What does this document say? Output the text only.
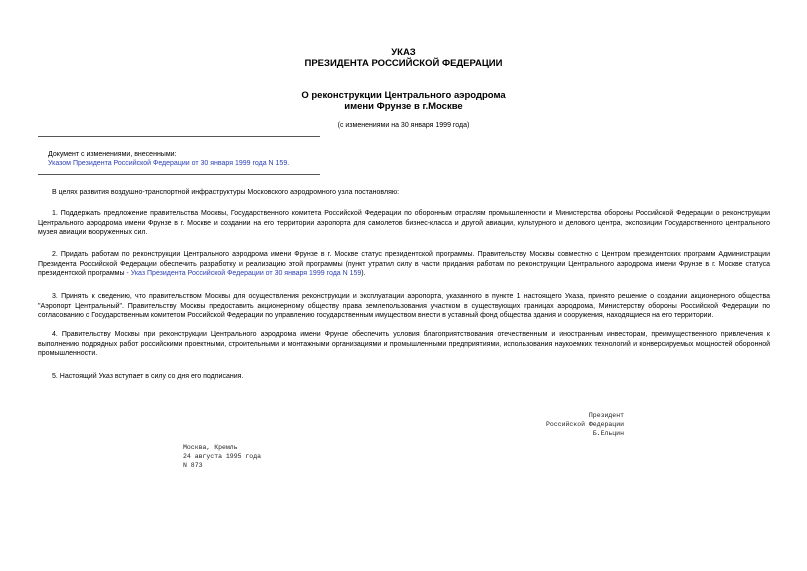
УКАЗ
ПРЕЗИДЕНТА РОССИЙСКОЙ ФЕДЕРАЦИИ
О реконструкции Центрального аэродрома
имени Фрунзе в г.Москве
(с изменениями на 30 января 1999 года)
Документ с изменениями, внесенными:
Указом Президента Российской Федерации от 30 января 1999 года N 159.
В целях развития воздушно-транспортной инфраструктуры Московского аэродромного узла постановляю:
1. Поддержать предложение правительства Москвы, Государственного комитета Российской Федерации по оборонным отраслям промышленности и Министерства обороны Российской Федерации о реконструкции Центрального аэродрома имени Фрунзе в г. Москве и создании на его территории аэропорта для самолетов бизнес-класса и другой авиации, культурного и делового центра, экспозиции Государственного центрального музея авиации вооруженных сил.
2. Придать работам по реконструкции Центрального аэродрома имени Фрунзе в г. Москве статус президентской программы. Правительству Москвы совместно с Центром президентских программ Администрации Президента Российской Федерации обеспечить разработку и реализацию этой программы (пункт утратил силу в части придания работам по реконструкции Центрального аэродрома имени Фрунзе в г. Москве статуса президентской программы - Указ Президента Российской Федерации от 30 января 1999 года N 159).
3. Принять к сведению, что правительством Москвы для осуществления реконструкции и эксплуатации аэропорта, указанного в пункте 1 настоящего Указа, принято решение о создании акционерного общества "Аэропорт Центральный". Правительству Москвы предоставить акционерному обществу права землепользования участком в существующих границах аэродрома, Министерству обороны Российской Федерации по согласованию с Государственным комитетом Российской Федерации по управлению государственным имуществом внести в уставный фонд общества здания и сооружения, находящиеся на его территории.
4. Правительству Москвы при реконструкции Центрального аэродрома имени Фрунзе обеспечить условия благоприятствования отечественным и иностранным инвесторам, преимущественного привлечения к выполнению подрядных работ российскими проектными, строительными и монтажными организациями и промышленными предприятиями, использования наукоемких технологий и конверсируемых мощностей оборонной промышленности.
5. Настоящий Указ вступает в силу со дня его подписания.
Президент
Российской Федерации
Б.Ельцин
Москва, Кремль
24 августа 1995 года
N 873
